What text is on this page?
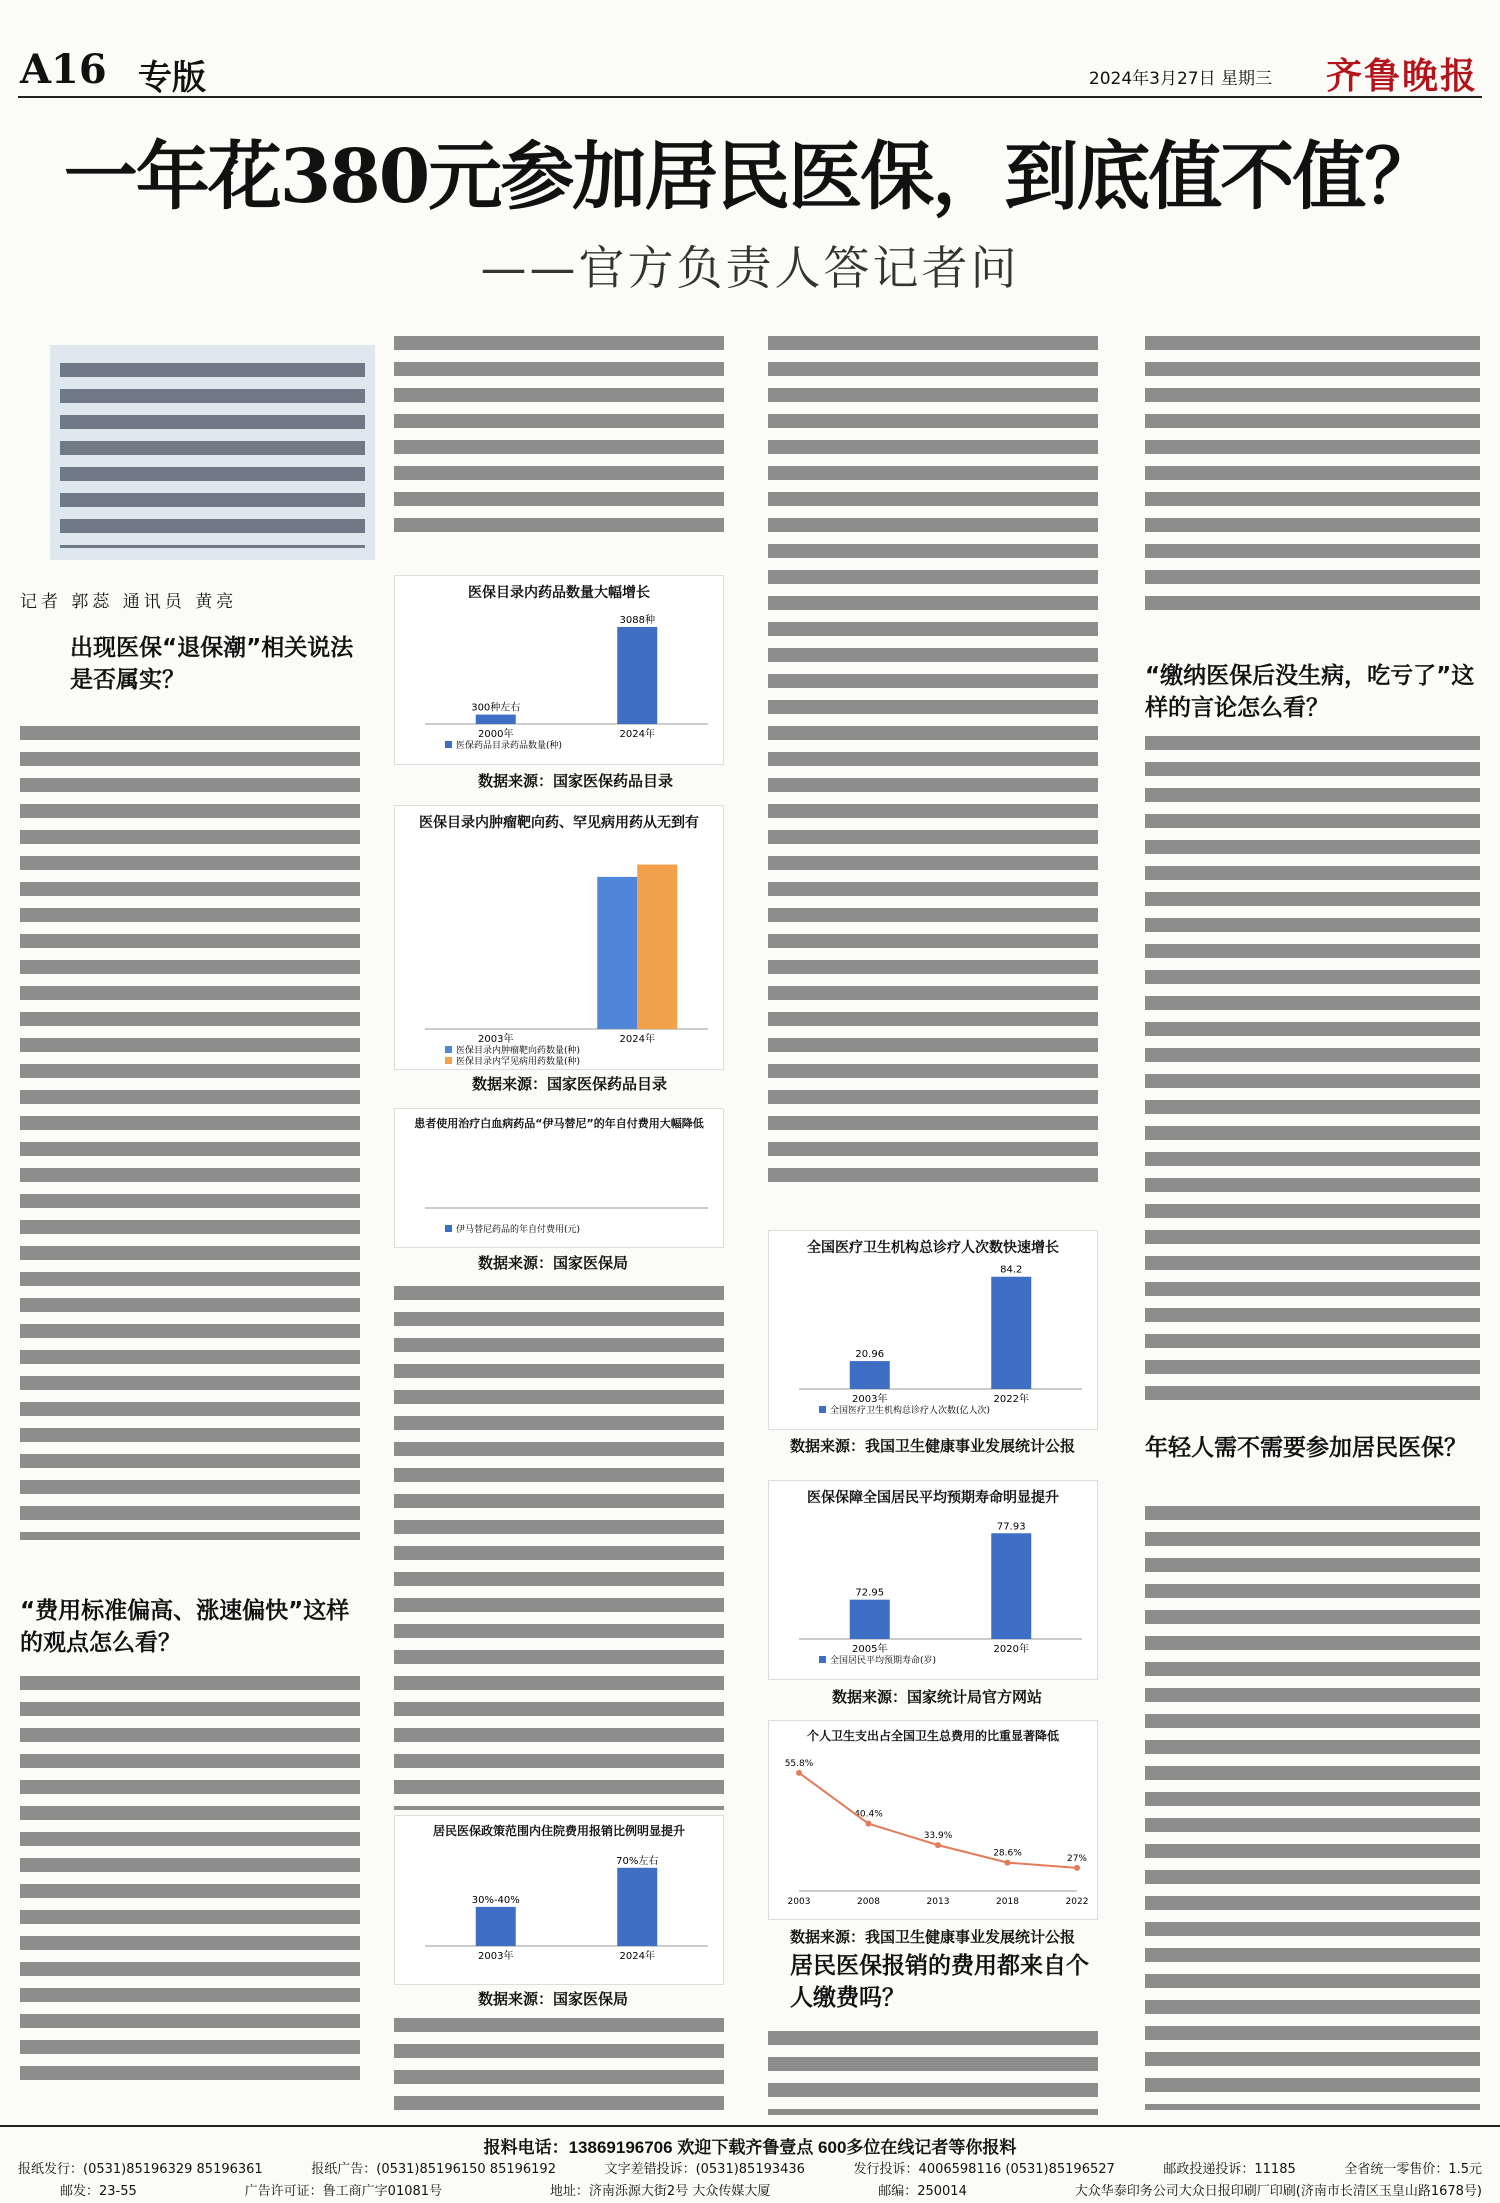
A16 专版	2024年3月27日 星期三 齐鲁晚报
一年花380元参加居民医保，到底值不值？
——官方负责人答记者问
记者 郭蕊 通讯员 黄亮
出现医保“退保潮”相关说法是否属实？
“费用标准偏高、涨速偏快”这样的观点怎么看？
医保目录内药品数量大幅增长
300种左右
2000年
3088种
2024年
医保药品目录药品数量(种)
数据来源：国家医保药品目录
医保目录内肿瘤靶向药、罕见病用药从无到有
2003年	2024年
医保目录内肿瘤靶向药数量(种)
医保目录内罕见病用药数量(种)
数据来源：国家医保药品目录
患者使用治疗白血病药品“伊马替尼”的年自付费用大幅降低
伊马替尼药品的年自付费用(元)
数据来源：国家医保局
居民医保政策范围内住院费用报销比例明显提升
30%-40%
2003年
70%左右
2024年
数据来源：国家医保局
全国医疗卫生机构总诊疗人次数快速增长
20.96
2003年
84.2
2022年
全国医疗卫生机构总诊疗人次数(亿人次)
数据来源：我国卫生健康事业发展统计公报
医保保障全国居民平均预期寿命明显提升
72.95
2005年
77.93
2020年
全国居民平均预期寿命(岁)
数据来源：国家统计局官方网站
个人卫生支出占全国卫生总费用的比重显著降低
55.8%
2003
40.4%
2008
33.9%
2013
28.6%
2018
27%
2022
数据来源：我国卫生健康事业发展统计公报
居民医保报销的费用都来自个人缴费吗？
“缴纳医保后没生病，吃亏了”这样的言论怎么看？
年轻人需不需要参加居民医保？
报料电话：13869196706 欢迎下载齐鲁壹点 600多位在线记者等你报料
报纸发行：(0531)85196329 85196361	报纸广告：(0531)85196150 85196192	文字差错投诉：(0531)85193436	发行投诉：4006598116 (0531)85196527	邮政投递投诉：11185	全省统一零售价：1.5元
邮发：23-55	广告许可证：鲁工商广字01081号	地址：济南泺源大街2号 大众传媒大厦	邮编：250014	大众华泰印务公司大众日报印刷厂印刷(济南市长清区玉皇山路1678号)
